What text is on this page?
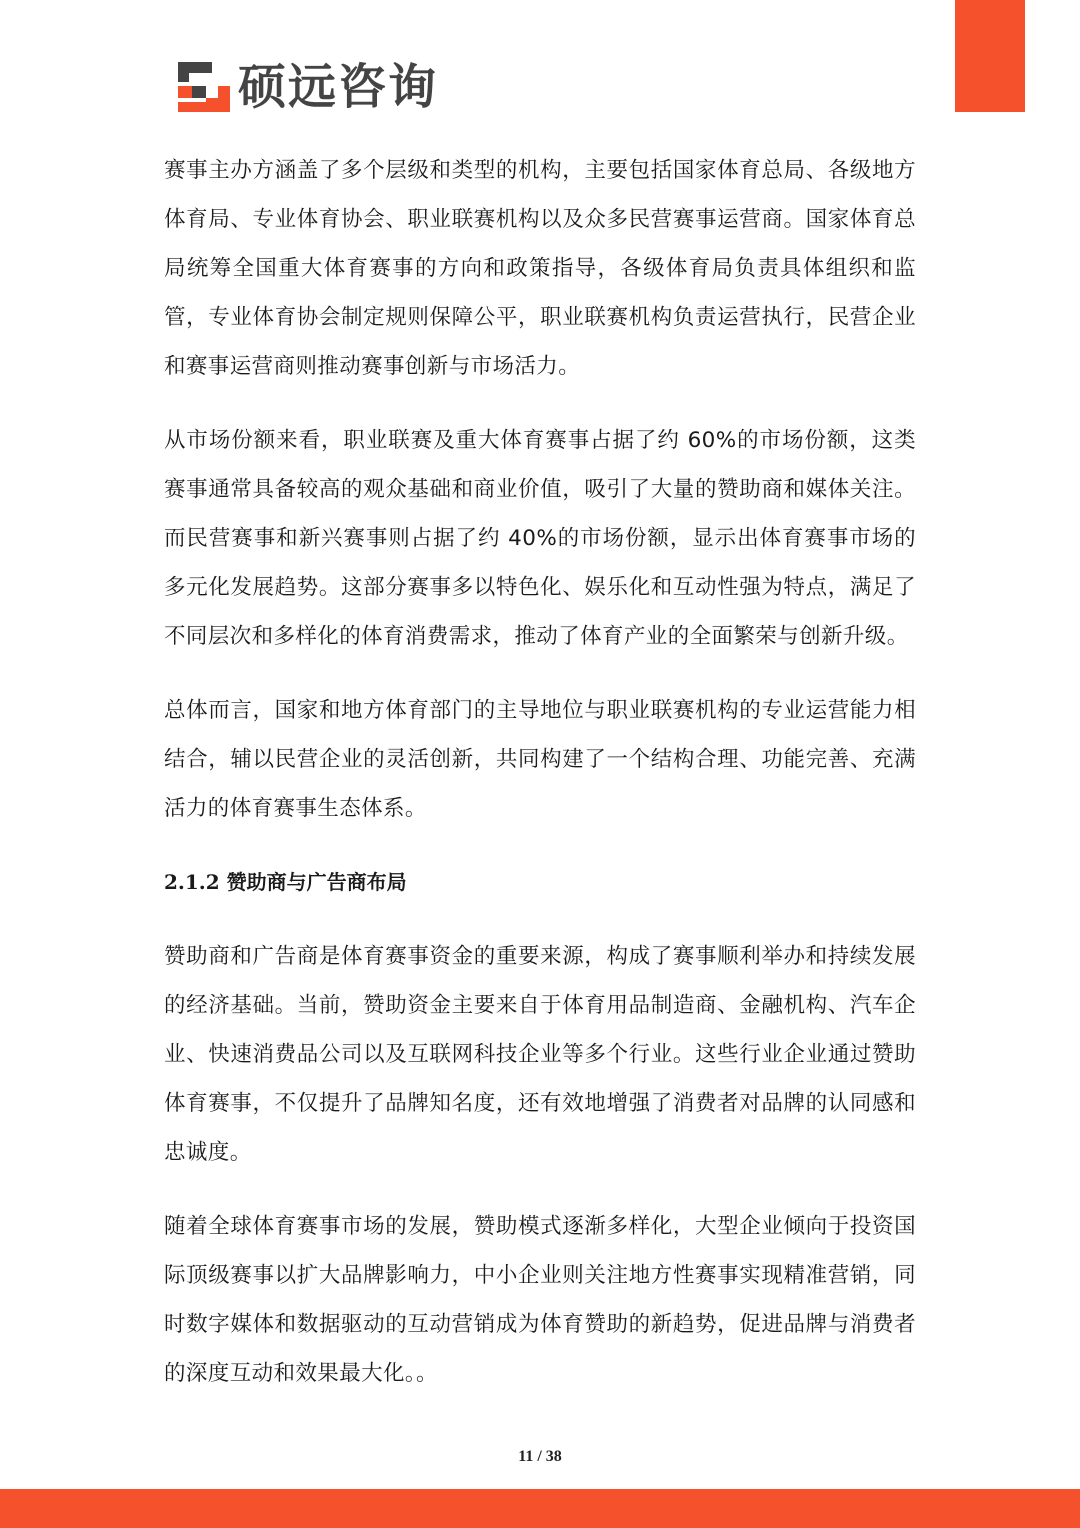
硕远咨询

赛事主办方涵盖了多个层级和类型的机构，主要包括国家体育总局、各级地方体育局、专业体育协会、职业联赛机构以及众多民营赛事运营商。国家体育总局统筹全国重大体育赛事的方向和政策指导，各级体育局负责具体组织和监管，专业体育协会制定规则保障公平，职业联赛机构负责运营执行，民营企业和赛事运营商则推动赛事创新与市场活力。

从市场份额来看，职业联赛及重大体育赛事占据了约 60%的市场份额，这类赛事通常具备较高的观众基础和商业价值，吸引了大量的赞助商和媒体关注。而民营赛事和新兴赛事则占据了约 40%的市场份额，显示出体育赛事市场的多元化发展趋势。这部分赛事多以特色化、娱乐化和互动性强为特点，满足了不同层次和多样化的体育消费需求，推动了体育产业的全面繁荣与创新升级。

总体而言，国家和地方体育部门的主导地位与职业联赛机构的专业运营能力相结合，辅以民营企业的灵活创新，共同构建了一个结构合理、功能完善、充满活力的体育赛事生态体系。

2.1.2 赞助商与广告商布局

赞助商和广告商是体育赛事资金的重要来源，构成了赛事顺利举办和持续发展的经济基础。当前，赞助资金主要来自于体育用品制造商、金融机构、汽车企业、快速消费品公司以及互联网科技企业等多个行业。这些行业企业通过赞助体育赛事，不仅提升了品牌知名度，还有效地增强了消费者对品牌的认同感和忠诚度。

随着全球体育赛事市场的发展，赞助模式逐渐多样化，大型企业倾向于投资国际顶级赛事以扩大品牌影响力，中小企业则关注地方性赛事实现精准营销，同时数字媒体和数据驱动的互动营销成为体育赞助的新趋势，促进品牌与消费者的深度互动和效果最大化。。

11 / 38
